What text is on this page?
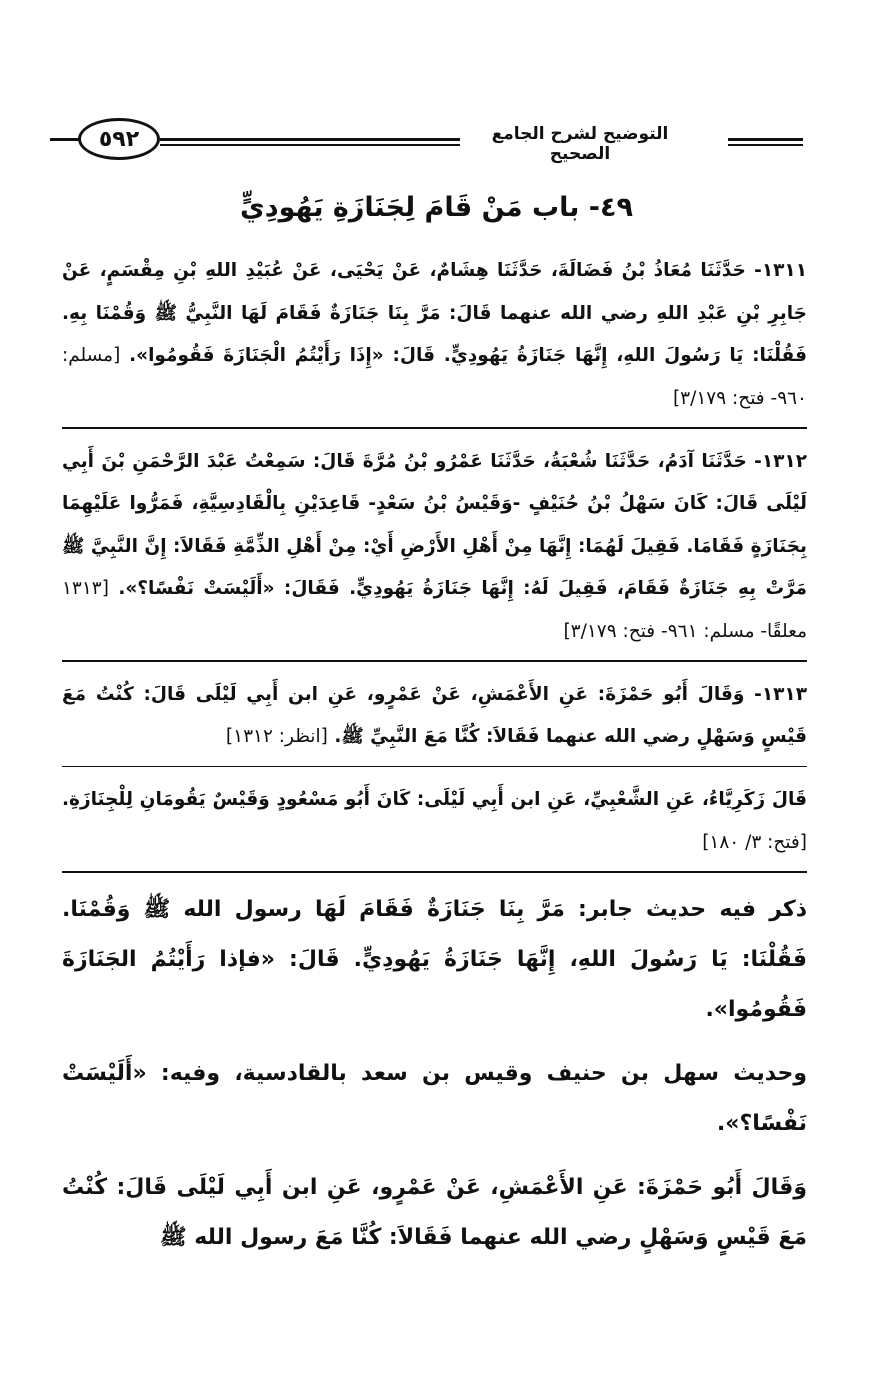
التوضيح لشرح الجامع الصحيح
٥٩٢
٤٩- باب مَنْ قَامَ لِجَنَازَةِ يَهُودِيٍّ

١٣١١- حَدَّثَنَا مُعَاذُ بْنُ فَضَالَةَ، حَدَّثَنَا هِشَامٌ، عَنْ يَحْيَى، عَنْ عُبَيْدِ اللهِ بْنِ مِقْسَمٍ، عَنْ جَابِرِ بْنِ عَبْدِ اللهِ رضي الله عنهما قَالَ: مَرَّ بِنَا جَنَازَةٌ فَقَامَ لَهَا النَّبِيُّ ﷺ وَقُمْنَا بِهِ. فَقُلْنَا: يَا رَسُولَ اللهِ، إِنَّهَا جَنَازَةُ يَهُودِيٍّ. قَالَ: «إِذَا رَأَيْتُمُ الْجَنَازَةَ فَقُومُوا». [مسلم: ٩٦٠- فتح: ٣/١٧٩]

١٣١٢- حَدَّثَنَا آدَمُ، حَدَّثَنَا شُعْبَةُ، حَدَّثَنَا عَمْرُو بْنُ مُرَّةَ قَالَ: سَمِعْتُ عَبْدَ الرَّحْمَنِ بْنَ أَبِي لَيْلَى قَالَ: كَانَ سَهْلُ بْنُ حُنَيْفٍ -وَقَيْسُ بْنُ سَعْدٍ- قَاعِدَيْنِ بِالْقَادِسِيَّةِ، فَمَرُّوا عَلَيْهِمَا بِجَنَازَةٍ فَقَامَا. فَقِيلَ لَهُمَا: إِنَّهَا مِنْ أَهْلِ الأَرْضِ أَيْ: مِنْ أَهْلِ الذِّمَّةِ فَقَالاَ: إِنَّ النَّبِيَّ ﷺ مَرَّتْ بِهِ جَنَازَةٌ فَقَامَ، فَقِيلَ لَهُ: إِنَّهَا جَنَازَةُ يَهُودِيٍّ. فَقَالَ: «أَلَيْسَتْ نَفْسًا؟». [١٣١٣ معلقًا- مسلم: ٩٦١- فتح: ٣/١٧٩]

١٣١٣- وَقَالَ أَبُو حَمْزَةَ: عَنِ الأَعْمَشِ، عَنْ عَمْرٍو، عَنِ ابن أَبِي لَيْلَى قَالَ: كُنْتُ مَعَ قَيْسٍ وَسَهْلٍ رضي الله عنهما فَقَالاَ: كُنَّا مَعَ النَّبِيِّ ﷺ. [انظر: ١٣١٢]

قَالَ زَكَرِيَّاءُ، عَنِ الشَّعْبِيِّ، عَنِ ابن أَبِي لَيْلَى: كَانَ أَبُو مَسْعُودٍ وَقَيْسٌ يَقُومَانِ لِلْجِنَازَةِ. [فتح: ٣/ ١٨٠]

ذكر فيه حديث جابر: مَرَّ بِنَا جَنَازَةٌ فَقَامَ لَهَا رسول الله ﷺ وَقُمْنَا. فَقُلْنَا: يَا رَسُولَ اللهِ، إِنَّهَا جَنَازَةُ يَهُودِيٍّ. قَالَ: «فإذا رَأَيْتُمُ الجَنَازَةَ فَقُومُوا».

وحديث سهل بن حنيف وقيس بن سعد بالقادسية، وفيه: «أَلَيْسَتْ نَفْسًا؟».

وَقَالَ أَبُو حَمْزَةَ: عَنِ الأَعْمَشِ، عَنْ عَمْرٍو، عَنِ ابن أَبِي لَيْلَى قَالَ: كُنْتُ مَعَ قَيْسٍ وَسَهْلٍ رضي الله عنهما فَقَالاَ: كُنَّا مَعَ رسول الله ﷺ
